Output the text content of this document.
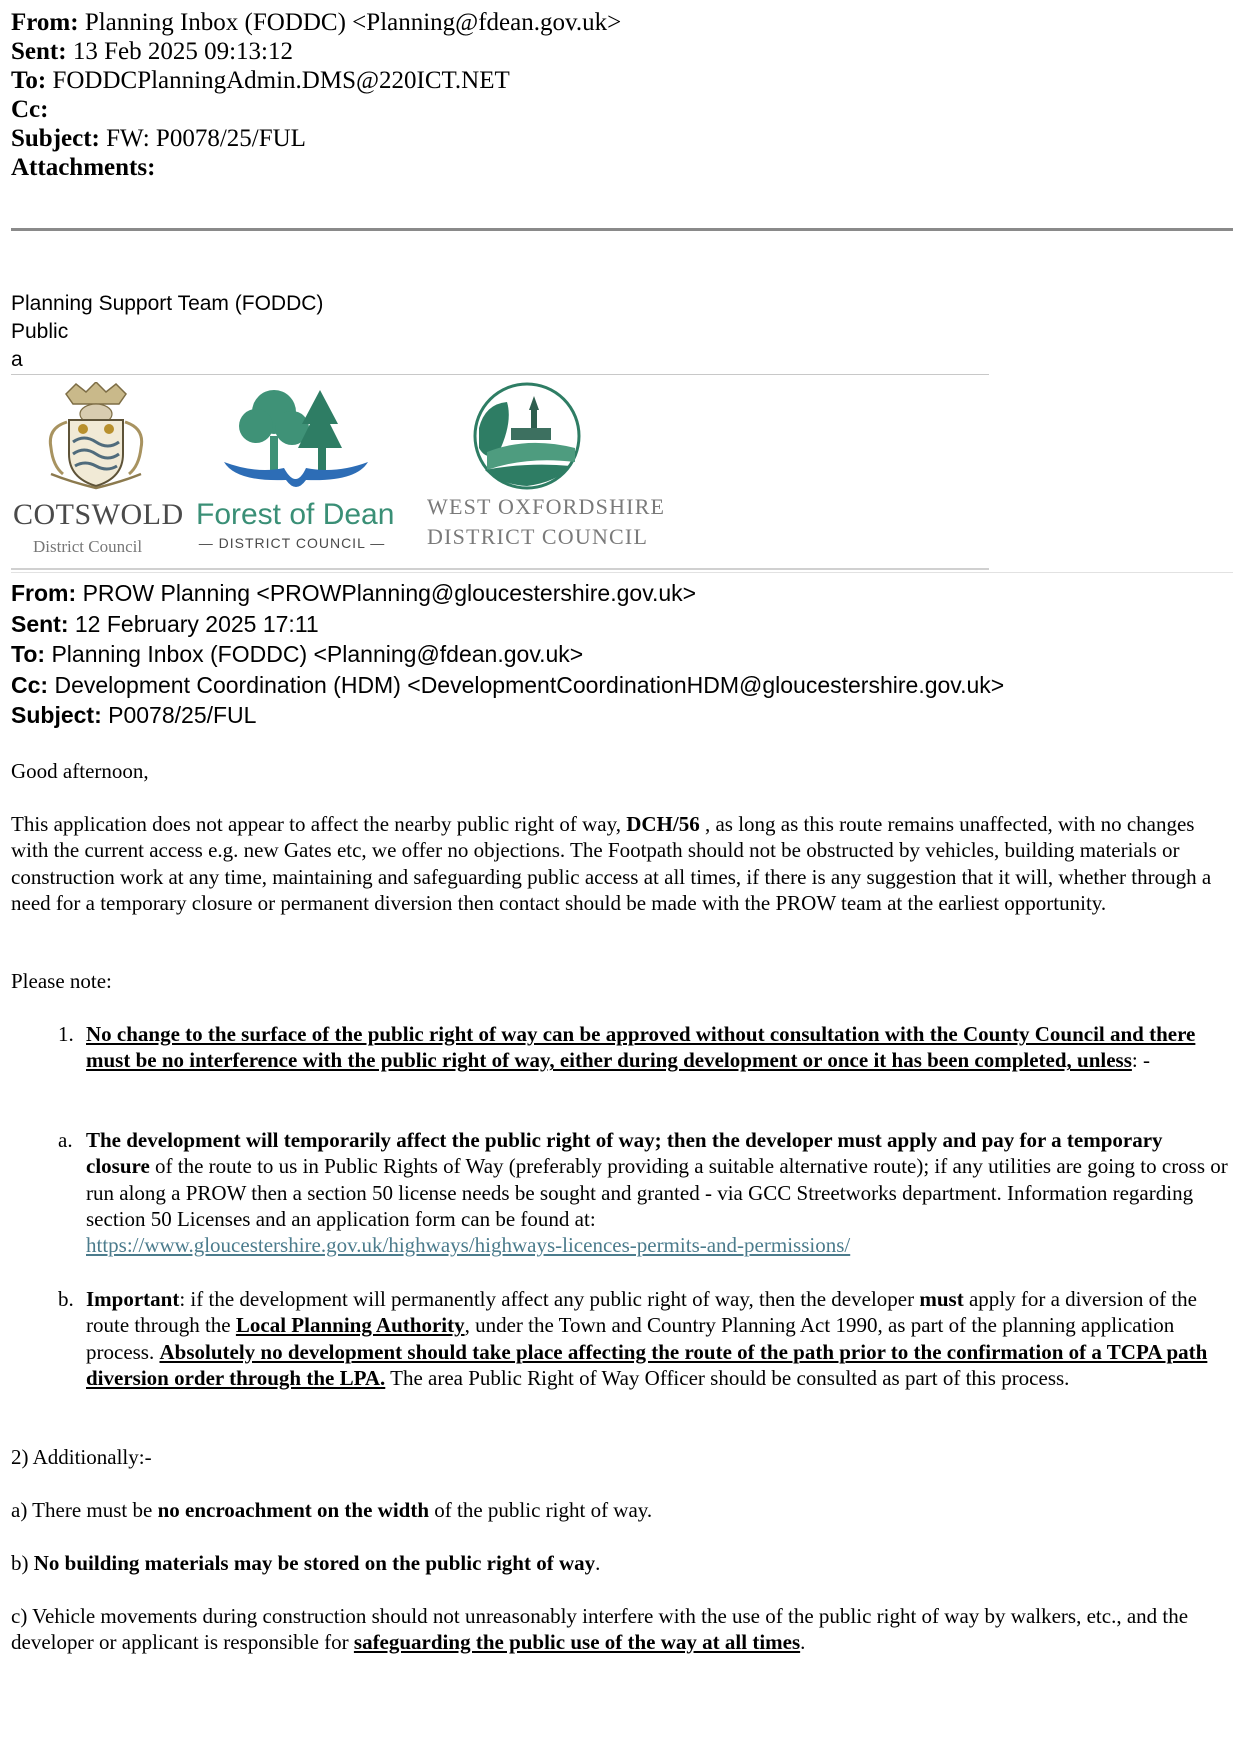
From: Planning Inbox (FODDC) <Planning@fdean.gov.uk>
Sent: 13 Feb 2025 09:13:12
To: FODDCPlanningAdmin.DMS@220ICT.NET
Cc:
Subject: FW: P0078/25/FUL
Attachments:
Planning Support Team (FODDC)
Public
a
COTSWOLD
District Council
Forest of Dean
— DISTRICT COUNCIL —
WEST OXFORDSHIRE
DISTRICT COUNCIL
From: PROW Planning <PROWPlanning@gloucestershire.gov.uk>
Sent: 12 February 2025 17:11
To: Planning Inbox (FODDC) <Planning@fdean.gov.uk>
Cc: Development Coordination (HDM) <DevelopmentCoordinationHDM@gloucestershire.gov.uk>
Subject: P0078/25/FUL

Good afternoon,

This application does not appear to affect the nearby public right of way, DCH/56 , as long as this route remains unaffected, with no changes with the current access e.g. new Gates etc, we offer no objections. The Footpath should not be obstructed by vehicles, building materials or construction work at any time, maintaining and safeguarding public access at all times, if there is any suggestion that it will, whether through a need for a temporary closure or permanent diversion then contact should be made with the PROW team at the earliest opportunity.

Please note:

1. No change to the surface of the public right of way can be approved without consultation with the County Council and there must be no interference with the public right of way, either during development or once it has been completed, unless: -
a. The development will temporarily affect the public right of way; then the developer must apply and pay for a temporary closure of the route to us in Public Rights of Way (preferably providing a suitable alternative route); if any utilities are going to cross or run along a PROW then a section 50 license needs be sought and granted - via GCC Streetworks department. Information regarding section 50 Licenses and an application form can be found at:
https://www.gloucestershire.gov.uk/highways/highways-licences-permits-and-permissions/
b. Important: if the development will permanently affect any public right of way, then the developer must apply for a diversion of the route through the Local Planning Authority, under the Town and Country Planning Act 1990, as part of the planning application process. Absolutely no development should take place affecting the route of the path prior to the confirmation of a TCPA path diversion order through the LPA. The area Public Right of Way Officer should be consulted as part of this process.

2) Additionally:-

a) There must be no encroachment on the width of the public right of way.

b) No building materials may be stored on the public right of way.

c) Vehicle movements during construction should not unreasonably interfere with the use of the public right of way by walkers, etc., and the developer or applicant is responsible for safeguarding the public use of the way at all times.
